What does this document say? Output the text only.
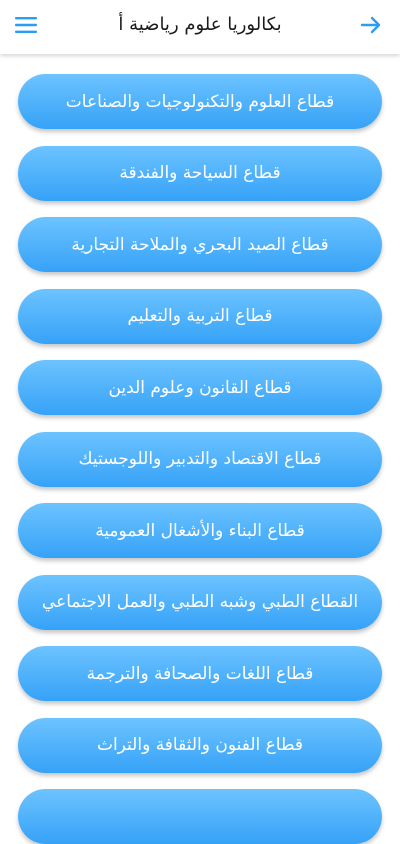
بكالوريا علوم رياضية أ
قطاع العلوم والتكنولوجيات والصناعات
قطاع السياحة والفندقة
قطاع الصيد البحري والملاحة التجارية
قطاع التربية والتعليم
قطاع القانون وعلوم الدين
قطاع الاقتصاد والتدبير واللوجستيك
قطاع البناء والأشغال العمومية
القطاع الطبي وشبه الطبي والعمل الاجتماعي
قطاع اللغات والصحافة والترجمة
قطاع الفنون والثقافة والتراث
